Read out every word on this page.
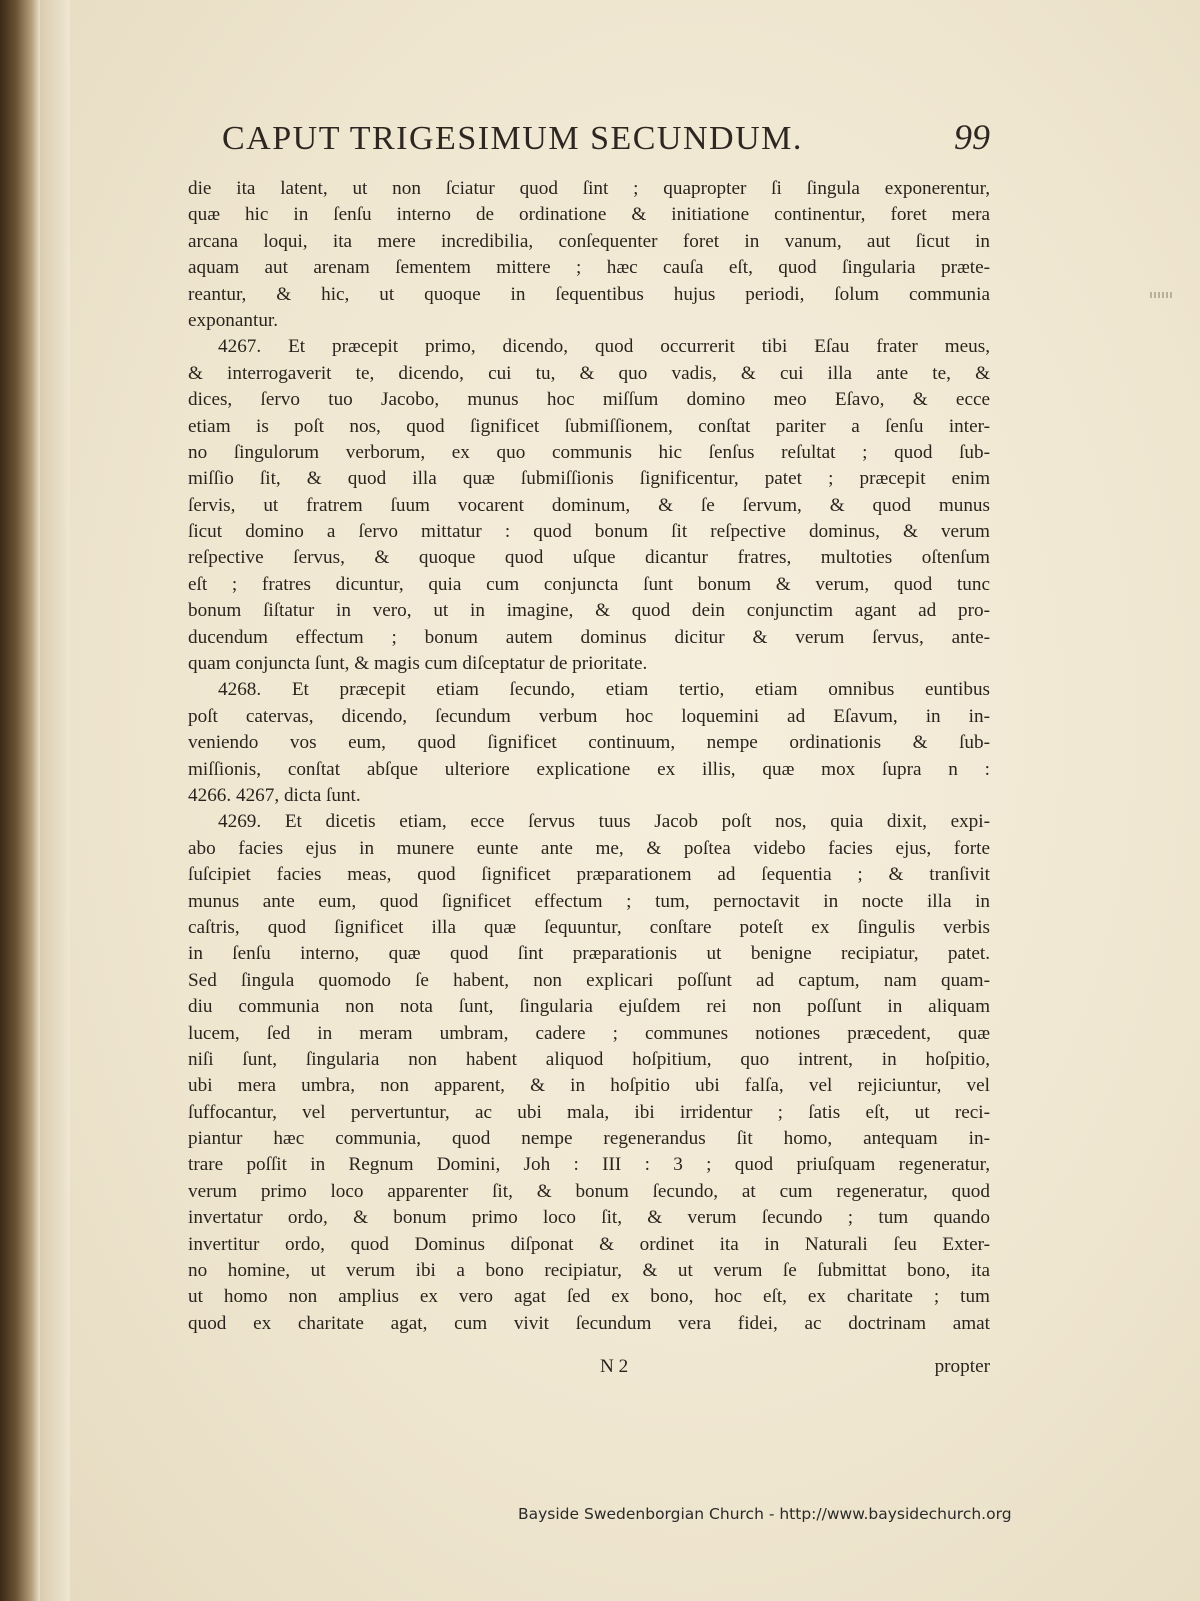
CAPUT TRIGESIMUM SECUNDUM.	99
die ita latent, ut non ſciatur quod ſint ; quapropter ſi ſingula exponerentur,
quæ hic in ſenſu interno de ordinatione & initiatione continentur, foret mera
arcana loqui, ita mere incredibilia, conſequenter foret in vanum, aut ſicut in
aquam aut arenam ſementem mittere ; hæc cauſa eſt, quod ſingularia præte-
reantur, & hic, ut quoque in ſequentibus hujus periodi, ſolum communia
exponantur.
4267. Et præcepit primo, dicendo, quod occurrerit tibi Eſau frater meus,
& interrogaverit te, dicendo, cui tu, & quo vadis, & cui illa ante te, &
dices, ſervo tuo Jacobo, munus hoc miſſum domino meo Eſavo, & ecce
etiam is poſt nos, quod ſignificet ſubmiſſionem, conſtat pariter a ſenſu inter-
no ſingulorum verborum, ex quo communis hic ſenſus reſultat ; quod ſub-
miſſio ſit, & quod illa quæ ſubmiſſionis ſignificentur, patet ; præcepit enim
ſervis, ut fratrem ſuum vocarent dominum, & ſe ſervum, & quod munus
ſicut domino a ſervo mittatur : quod bonum ſit reſpective dominus, & verum
reſpective ſervus, & quoque quod uſque dicantur fratres, multoties oſtenſum
eſt ; fratres dicuntur, quia cum conjuncta ſunt bonum & verum, quod tunc
bonum ſiſtatur in vero, ut in imagine, & quod dein conjunctim agant ad pro-
ducendum effectum ; bonum autem dominus dicitur & verum ſervus, ante-
quam conjuncta ſunt, & magis cum diſceptatur de prioritate.
4268. Et præcepit etiam ſecundo, etiam tertio, etiam omnibus euntibus
poſt catervas, dicendo, ſecundum verbum hoc loquemini ad Eſavum, in in-
veniendo vos eum, quod ſignificet continuum, nempe ordinationis & ſub-
miſſionis, conſtat abſque ulteriore explicatione ex illis, quæ mox ſupra n :
4266. 4267, dicta ſunt.
4269. Et dicetis etiam, ecce ſervus tuus Jacob poſt nos, quia dixit, expi-
abo facies ejus in munere eunte ante me, & poſtea videbo facies ejus, forte
ſuſcipiet facies meas, quod ſignificet præparationem ad ſequentia ; & tranſivit
munus ante eum, quod ſignificet effectum ; tum, pernoctavit in nocte illa in
caſtris, quod ſignificet illa quæ ſequuntur, conſtare poteſt ex ſingulis verbis
in ſenſu interno, quæ quod ſint præparationis ut benigne recipiatur, patet.
Sed ſingula quomodo ſe habent, non explicari poſſunt ad captum, nam quam-
diu communia non nota ſunt, ſingularia ejuſdem rei non poſſunt in aliquam
lucem, ſed in meram umbram, cadere ; communes notiones præcedent, quæ
niſi ſunt, ſingularia non habent aliquod hoſpitium, quo intrent, in hoſpitio,
ubi mera umbra, non apparent, & in hoſpitio ubi falſa, vel rejiciuntur, vel
ſuffocantur, vel pervertuntur, ac ubi mala, ibi irridentur ; ſatis eſt, ut reci-
piantur hæc communia, quod nempe regenerandus ſit homo, antequam in-
trare poſſit in Regnum Domini, Joh : III : 3 ; quod priuſquam regeneratur,
verum primo loco apparenter ſit, & bonum ſecundo, at cum regeneratur, quod
invertatur ordo, & bonum primo loco ſit, & verum ſecundo ; tum quando
invertitur ordo, quod Dominus diſponat & ordinet ita in Naturali ſeu Exter-
no homine, ut verum ibi a bono recipiatur, & ut verum ſe ſubmittat bono, ita
ut homo non amplius ex vero agat ſed ex bono, hoc eſt, ex charitate ; tum
quod ex charitate agat, cum vivit ſecundum vera fidei, ac doctrinam amat
N 2	propter
Bayside Swedenborgian Church - http://www.baysidechurch.org
